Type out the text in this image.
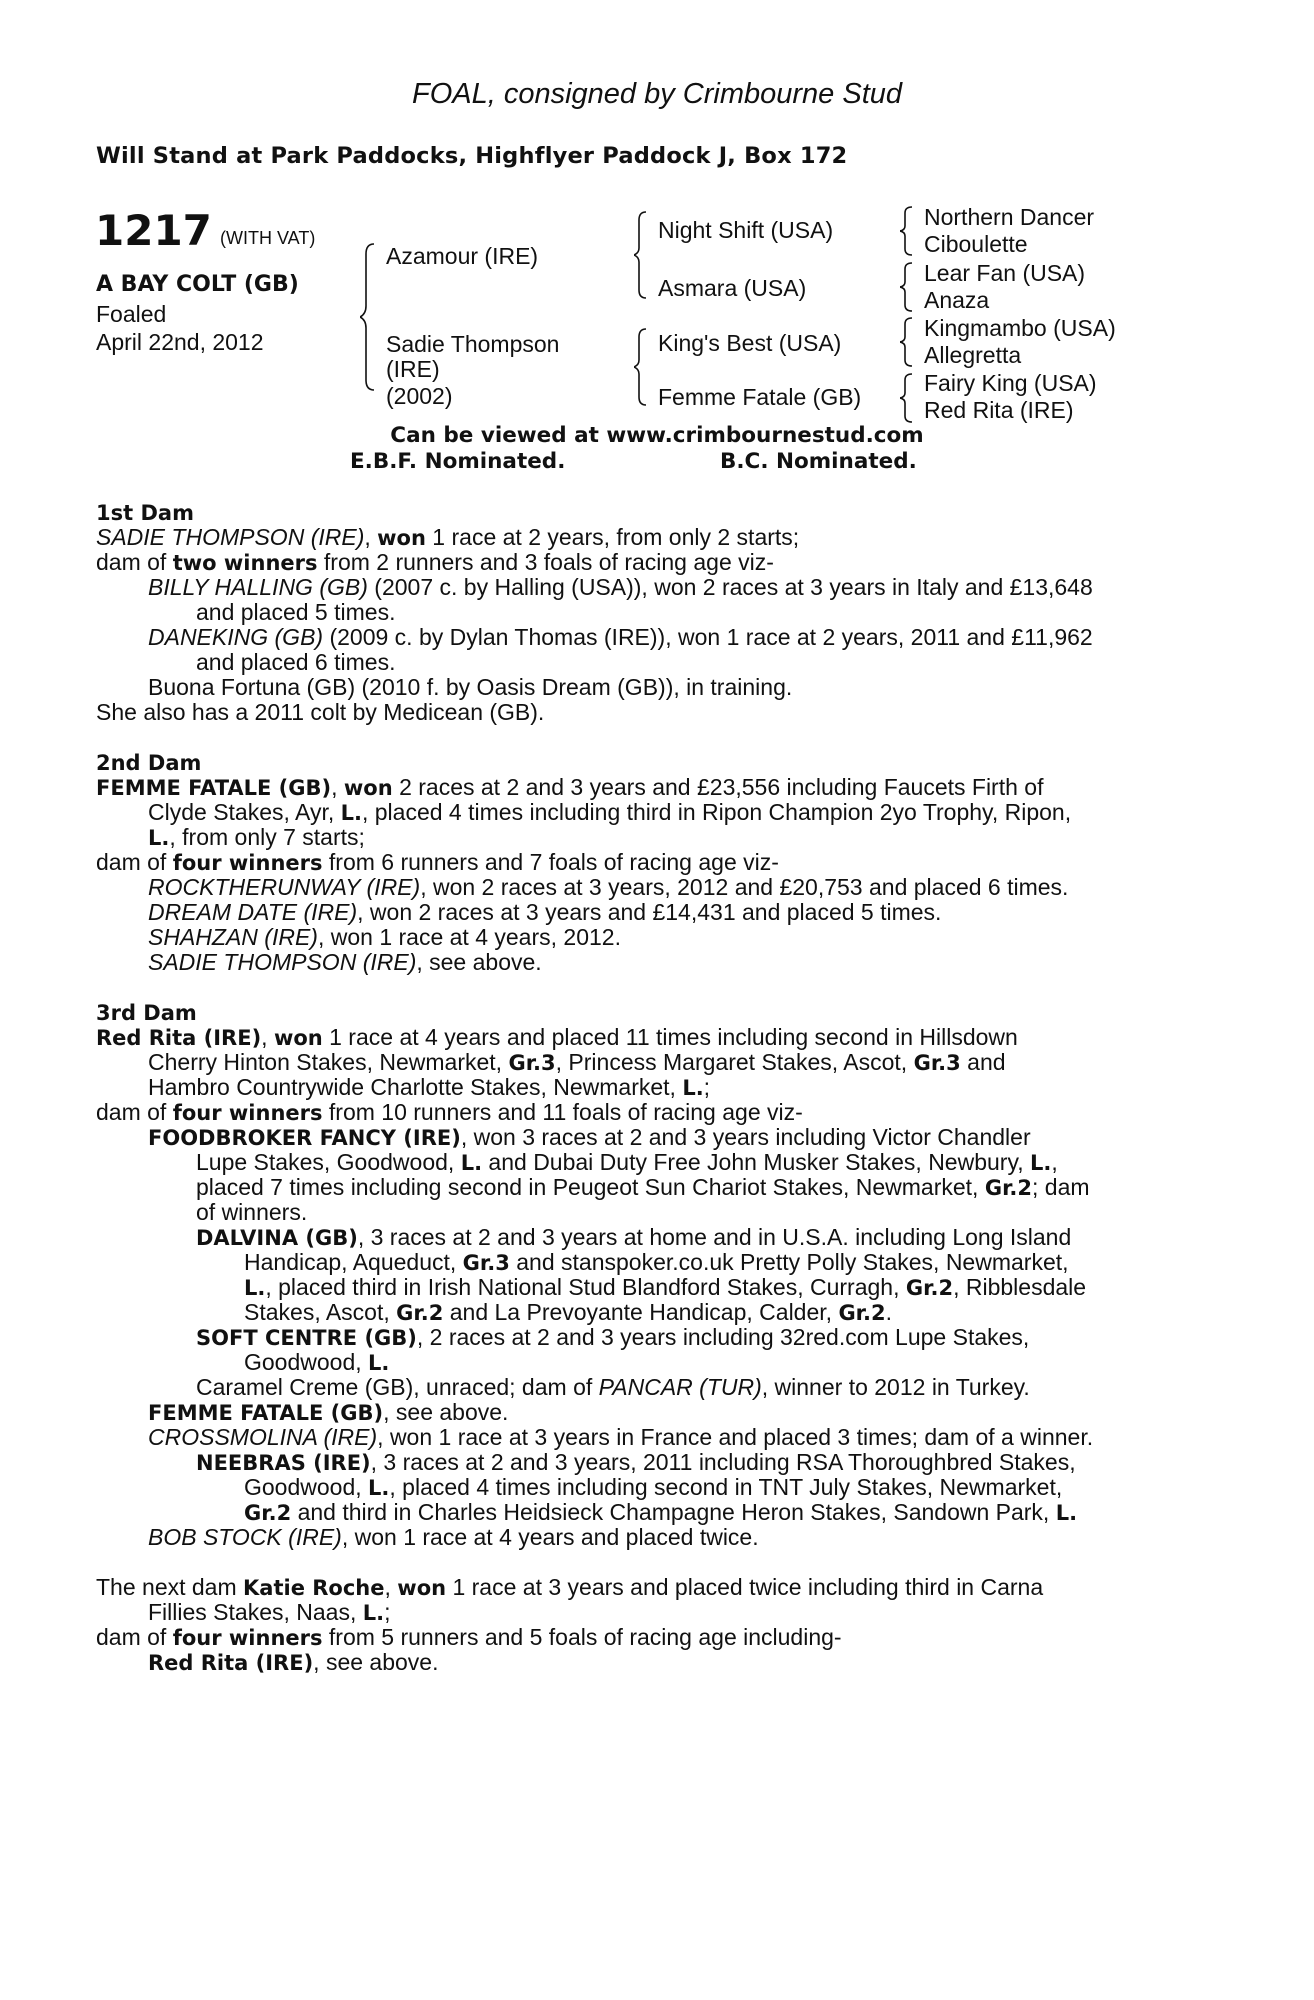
FOAL, consigned by Crimbourne Stud
Will Stand at Park Paddocks, Highflyer Paddock J, Box 172
1217 (WITH VAT)
A BAY COLT (GB)
Foaled
April 22nd, 2012
Azamour (IRE)
Sadie Thompson
(IRE)
(2002)
Night Shift (USA)
Asmara (USA)
King's Best (USA)
Femme Fatale (GB)
Northern Dancer
Ciboulette
Lear Fan (USA)
Anaza
Kingmambo (USA)
Allegretta
Fairy King (USA)
Red Rita (IRE)
Can be viewed at www.crimbournestud.com
E.B.F. Nominated.	B.C. Nominated.
1st Dam
SADIE THOMPSON (IRE), won 1 race at 2 years, from only 2 starts;
dam of two winners from 2 runners and 3 foals of racing age viz-
BILLY HALLING (GB) (2007 c. by Halling (USA)), won 2 races at 3 years in Italy and £13,648
and placed 5 times.
DANEKING (GB) (2009 c. by Dylan Thomas (IRE)), won 1 race at 2 years, 2011 and £11,962
and placed 6 times.
Buona Fortuna (GB) (2010 f. by Oasis Dream (GB)), in training.
She also has a 2011 colt by Medicean (GB).
2nd Dam
FEMME FATALE (GB), won 2 races at 2 and 3 years and £23,556 including Faucets Firth of
Clyde Stakes, Ayr, L., placed 4 times including third in Ripon Champion 2yo Trophy, Ripon,
L., from only 7 starts;
dam of four winners from 6 runners and 7 foals of racing age viz-
ROCKTHERUNWAY (IRE), won 2 races at 3 years, 2012 and £20,753 and placed 6 times.
DREAM DATE (IRE), won 2 races at 3 years and £14,431 and placed 5 times.
SHAHZAN (IRE), won 1 race at 4 years, 2012.
SADIE THOMPSON (IRE), see above.
3rd Dam
Red Rita (IRE), won 1 race at 4 years and placed 11 times including second in Hillsdown
Cherry Hinton Stakes, Newmarket, Gr.3, Princess Margaret Stakes, Ascot, Gr.3 and
Hambro Countrywide Charlotte Stakes, Newmarket, L.;
dam of four winners from 10 runners and 11 foals of racing age viz-
FOODBROKER FANCY (IRE), won 3 races at 2 and 3 years including Victor Chandler
Lupe Stakes, Goodwood, L. and Dubai Duty Free John Musker Stakes, Newbury, L.,
placed 7 times including second in Peugeot Sun Chariot Stakes, Newmarket, Gr.2; dam
of winners.
DALVINA (GB), 3 races at 2 and 3 years at home and in U.S.A. including Long Island
Handicap, Aqueduct, Gr.3 and stanspoker.co.uk Pretty Polly Stakes, Newmarket,
L., placed third in Irish National Stud Blandford Stakes, Curragh, Gr.2, Ribblesdale
Stakes, Ascot, Gr.2 and La Prevoyante Handicap, Calder, Gr.2.
SOFT CENTRE (GB), 2 races at 2 and 3 years including 32red.com Lupe Stakes,
Goodwood, L.
Caramel Creme (GB), unraced; dam of PANCAR (TUR), winner to 2012 in Turkey.
FEMME FATALE (GB), see above.
CROSSMOLINA (IRE), won 1 race at 3 years in France and placed 3 times; dam of a winner.
NEEBRAS (IRE), 3 races at 2 and 3 years, 2011 including RSA Thoroughbred Stakes,
Goodwood, L., placed 4 times including second in TNT July Stakes, Newmarket,
Gr.2 and third in Charles Heidsieck Champagne Heron Stakes, Sandown Park, L.
BOB STOCK (IRE), won 1 race at 4 years and placed twice.
The next dam Katie Roche, won 1 race at 3 years and placed twice including third in Carna
Fillies Stakes, Naas, L.;
dam of four winners from 5 runners and 5 foals of racing age including-
Red Rita (IRE), see above.
